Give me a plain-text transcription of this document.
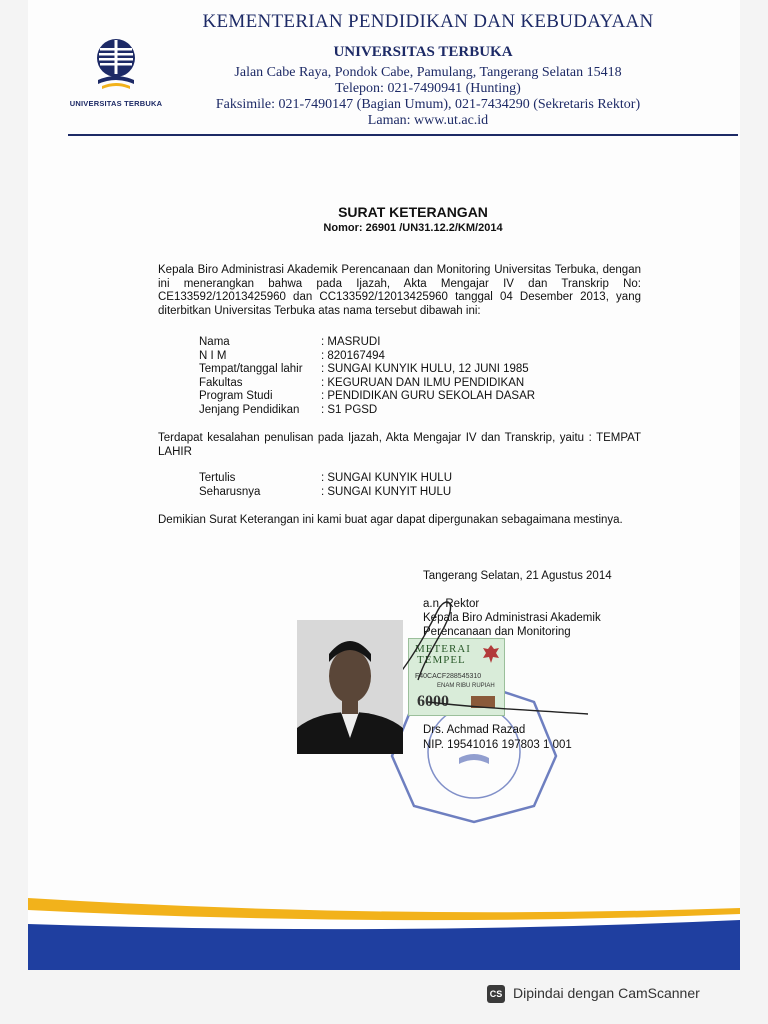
UNIVERSITAS TERBUKA
KEMENTERIAN PENDIDIKAN DAN KEBUDAYAAN
UNIVERSITAS TERBUKA
Jalan Cabe Raya, Pondok Cabe, Pamulang, Tangerang Selatan 15418
Telepon: 021-7490941 (Hunting)
Faksimile: 021-7490147 (Bagian Umum), 021-7434290 (Sekretaris Rektor)
Laman: www.ut.ac.id
SURAT KETERANGAN
Nomor: 26901 /UN31.12.2/KM/2014
Kepala Biro Administrasi Akademik Perencanaan dan Monitoring Universitas Terbuka, dengan ini menerangkan bahwa pada Ijazah, Akta Mengajar IV dan Transkrip No: CE133592/12013425960 dan CC133592/12013425960 tanggal 04 Desember 2013, yang diterbitkan Universitas Terbuka atas nama tersebut dibawah ini:
Nama	: MASRUDI
N I M	: 820167494
Tempat/tanggal lahir : SUNGAI KUNYIK HULU, 12 JUNI 1985
Fakultas	: KEGURUAN DAN ILMU PENDIDIKAN
Program Studi	: PENDIDIKAN GURU SEKOLAH DASAR
Jenjang Pendidikan : S1 PGSD
Terdapat kesalahan penulisan pada Ijazah, Akta Mengajar IV dan Transkrip, yaitu : TEMPAT LAHIR
Tertulis	: SUNGAI KUNYIK HULU
Seharusnya	: SUNGAI KUNYIT HULU
Demikian Surat Keterangan ini kami buat agar dapat dipergunakan sebagaimana mestinya.
Tangerang Selatan, 21 Agustus 2014
a.n. Rektor
Kepala Biro Administrasi Akademik
Perencanaan dan Monitoring
METERAI
TEMPEL
F40CACF288545310
ENAM RIBU RUPIAH
6000
Drs. Achmad Razad
NIP. 19541016 197803 1 001
CS Dipindai dengan CamScanner
